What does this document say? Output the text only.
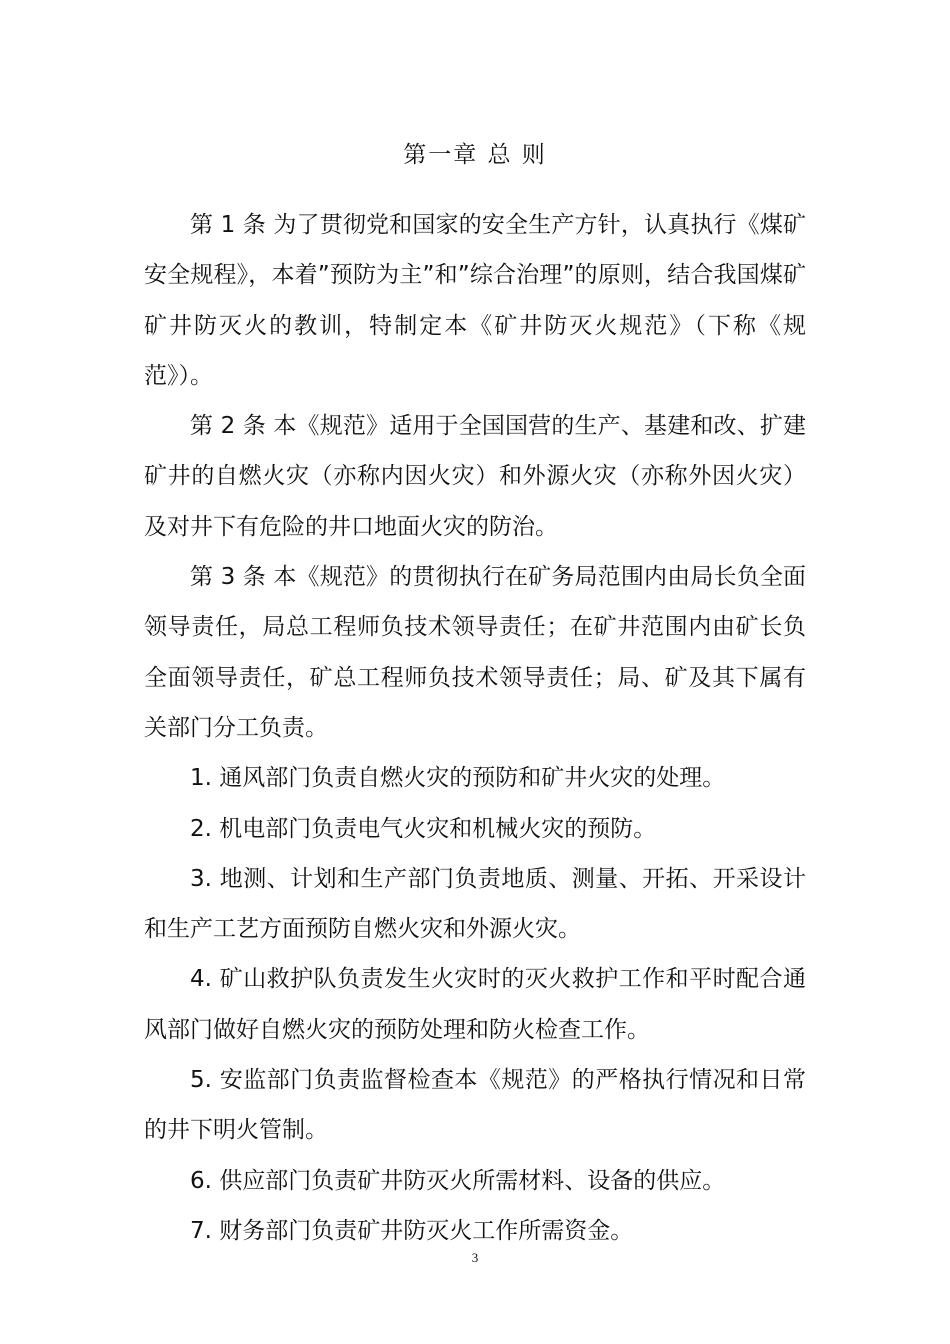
第一章 总 则

第 1 条 为了贯彻党和国家的安全生产方针，认真执行《煤矿安全规程》，本着”预防为主”和”综合治理”的原则，结合我国煤矿矿井防灭火的教训，特制定本《矿井防灭火规范》（下称《规范》）。

第 2 条 本《规范》适用于全国国营的生产、基建和改、扩建矿井的自燃火灾（亦称内因火灾）和外源火灾（亦称外因火灾）及对井下有危险的井口地面火灾的防治。

第 3 条 本《规范》的贯彻执行在矿务局范围内由局长负全面领导责任，局总工程师负技术领导责任；在矿井范围内由矿长负全面领导责任，矿总工程师负技术领导责任；局、矿及其下属有关部门分工负责。

1. 通风部门负责自燃火灾的预防和矿井火灾的处理。

2. 机电部门负责电气火灾和机械火灾的预防。

3. 地测、计划和生产部门负责地质、测量、开拓、开采设计和生产工艺方面预防自燃火灾和外源火灾。

4. 矿山救护队负责发生火灾时的灭火救护工作和平时配合通风部门做好自燃火灾的预防处理和防火检查工作。

5. 安监部门负责监督检查本《规范》的严格执行情况和日常的井下明火管制。

6. 供应部门负责矿井防灭火所需材料、设备的供应。

7. 财务部门负责矿井防灭火工作所需资金。

3
